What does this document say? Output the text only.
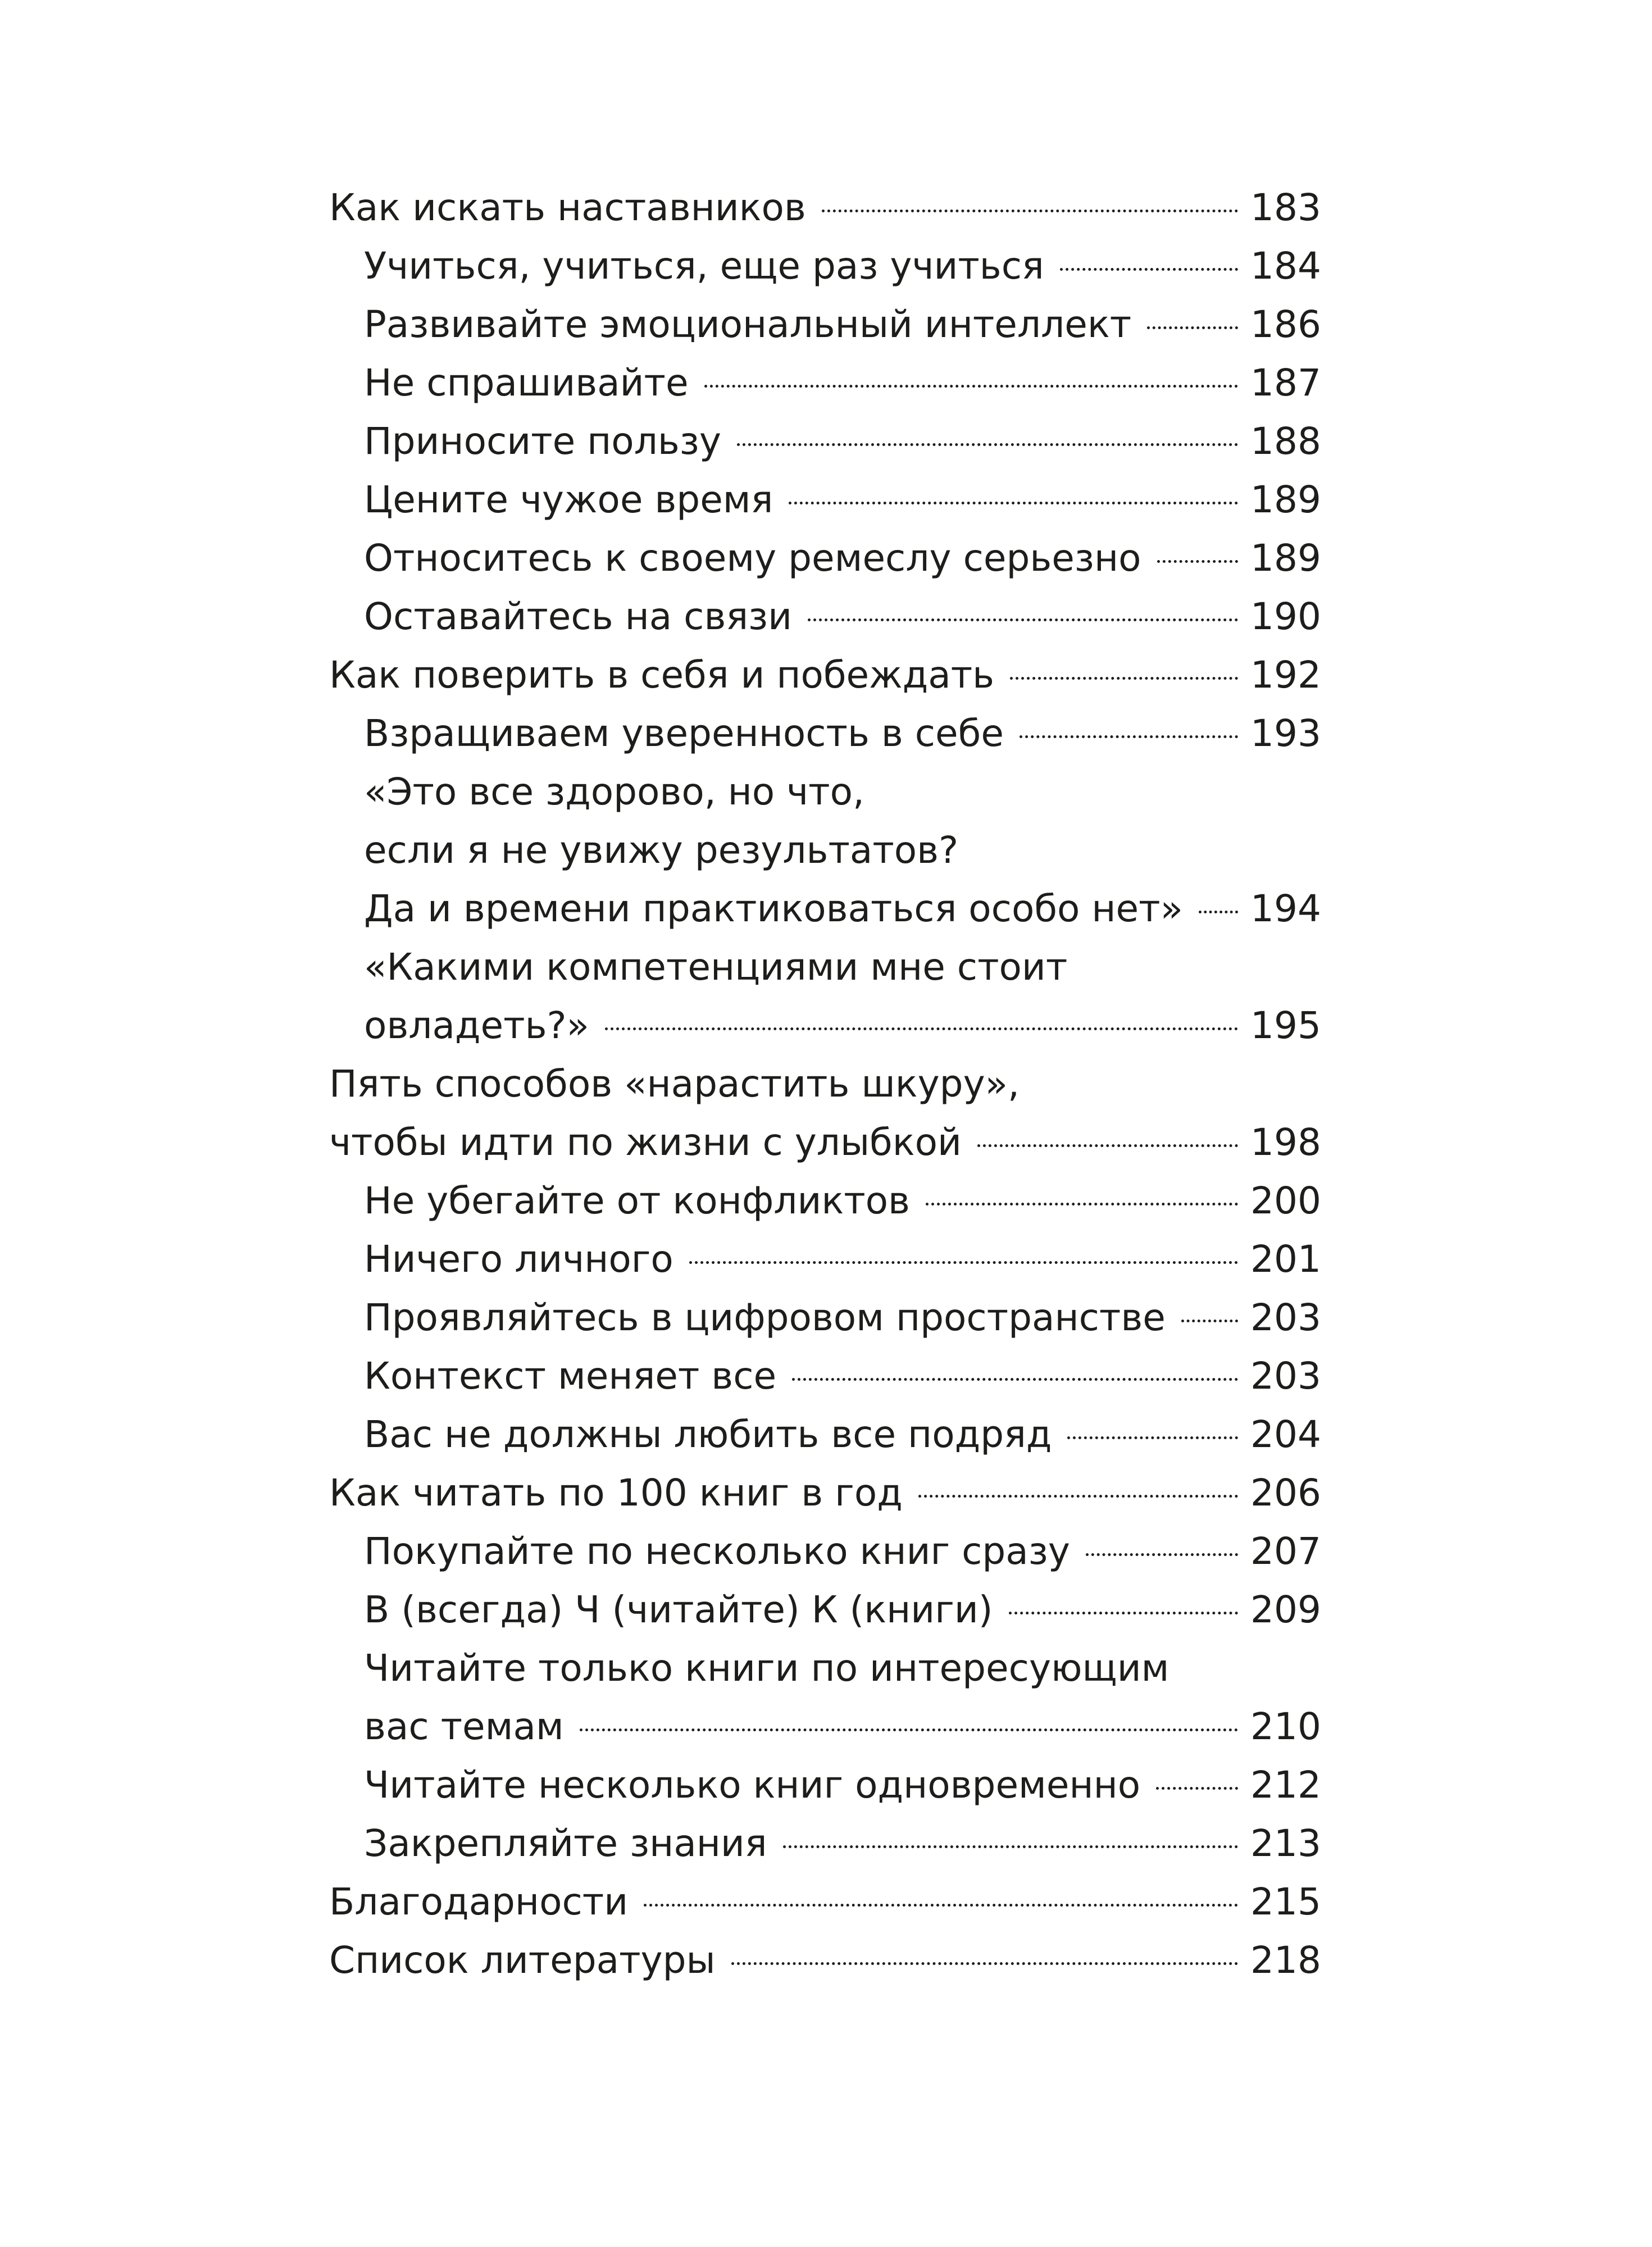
Как искать наставников	183
Учиться, учиться, еще раз учиться	184
Развивайте эмоциональный интеллект	186
Не спрашивайте	187
Приносите пользу	188
Цените чужое время	189
Относитесь к своему ремеслу серьезно	189
Оставайтесь на связи	190
Как поверить в себя и побеждать	192
Взращиваем уверенность в себе	193
«Это все здорово, но что,
если я не увижу результатов?
Да и времени практиковаться особо нет» 194
«Какими компетенциями мне стоит
овладеть?»	195
Пять способов «нарастить шкуру»,
чтобы идти по жизни с улыбкой	198
Не убегайте от конфликтов	200
Ничего личного	201
Проявляйтесь в цифровом пространстве 203
Контекст меняет все	203
Вас не должны любить все подряд	204
Как читать по 100 книг в год	206
Покупайте по несколько книг сразу	207
В (всегда) Ч (читайте) К (книги)	209
Читайте только книги по интересующим
вас темам	210
Читайте несколько книг одновременно	212
Закрепляйте знания	213
Благодарности	215
Список литературы	218
